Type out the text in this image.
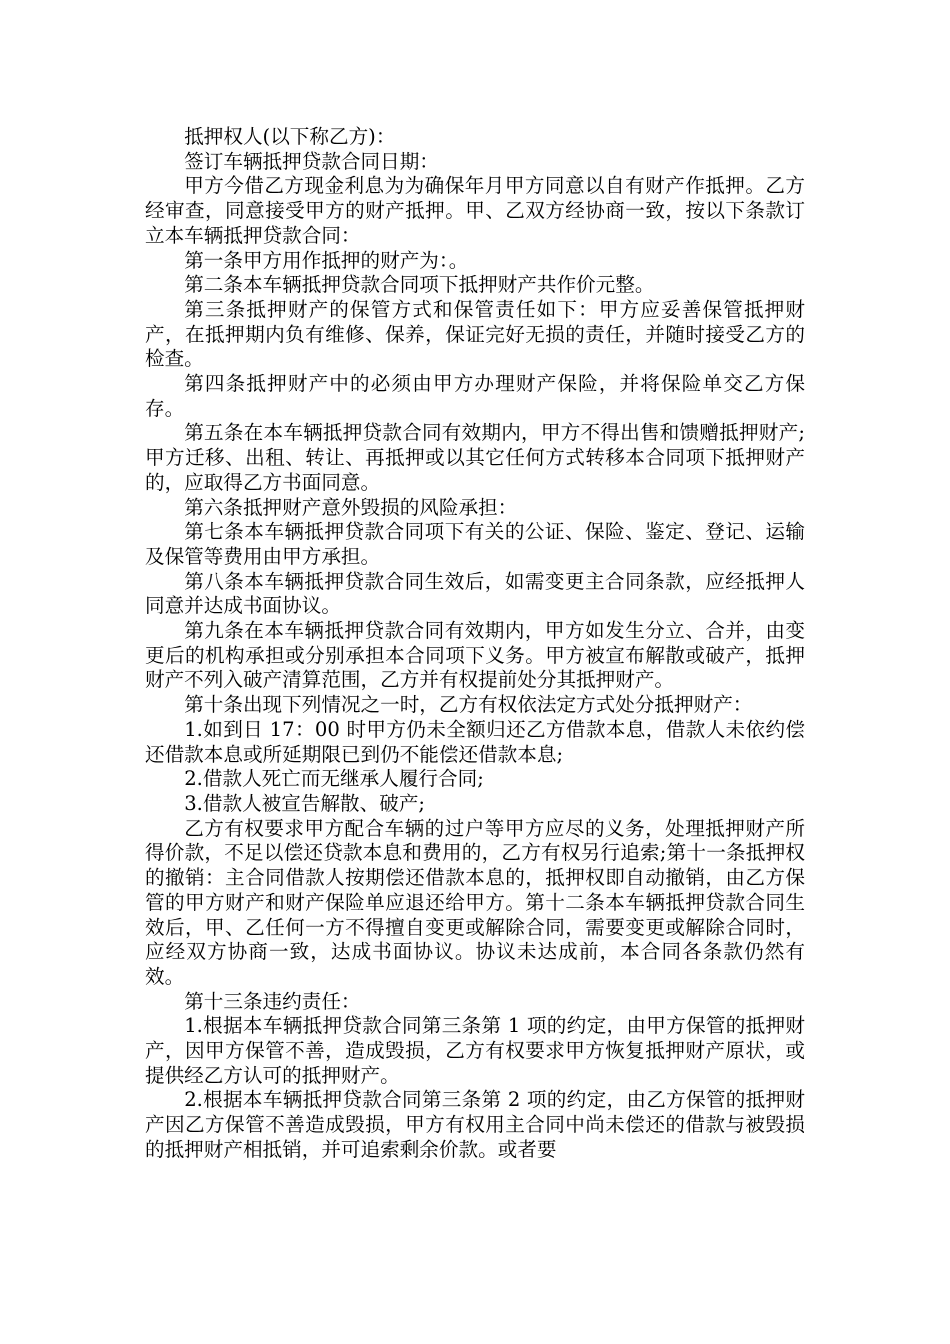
抵押权人(以下称乙方)：

签订车辆抵押贷款合同日期：

甲方今借乙方现金利息为为确保年月甲方同意以自有财产作抵押。乙方经审查，同意接受甲方的财产抵押。甲、乙双方经协商一致，按以下条款订立本车辆抵押贷款合同：

第一条甲方用作抵押的财产为：。

第二条本车辆抵押贷款合同项下抵押财产共作价元整。

第三条抵押财产的保管方式和保管责任如下：甲方应妥善保管抵押财产，在抵押期内负有维修、保养，保证完好无损的责任，并随时接受乙方的检查。

第四条抵押财产中的必须由甲方办理财产保险，并将保险单交乙方保存。

第五条在本车辆抵押贷款合同有效期内，甲方不得出售和馈赠抵押财产;甲方迁移、出租、转让、再抵押或以其它任何方式转移本合同项下抵押财产的，应取得乙方书面同意。

第六条抵押财产意外毁损的风险承担：

第七条本车辆抵押贷款合同项下有关的公证、保险、鉴定、登记、运输及保管等费用由甲方承担。

第八条本车辆抵押贷款合同生效后，如需变更主合同条款，应经抵押人同意并达成书面协议。

第九条在本车辆抵押贷款合同有效期内，甲方如发生分立、合并，由变更后的机构承担或分别承担本合同项下义务。甲方被宣布解散或破产，抵押财产不列入破产清算范围，乙方并有权提前处分其抵押财产。

第十条出现下列情况之一时，乙方有权依法定方式处分抵押财产：

1.如到日 17：00 时甲方仍未全额归还乙方借款本息，借款人未依约偿还借款本息或所延期限已到仍不能偿还借款本息;

2.借款人死亡而无继承人履行合同;

3.借款人被宣告解散、破产;

乙方有权要求甲方配合车辆的过户等甲方应尽的义务，处理抵押财产所得价款，不足以偿还贷款本息和费用的，乙方有权另行追索;第十一条抵押权的撤销：主合同借款人按期偿还借款本息的，抵押权即自动撤销，由乙方保管的甲方财产和财产保险单应退还给甲方。第十二条本车辆抵押贷款合同生效后，甲、乙任何一方不得擅自变更或解除合同，需要变更或解除合同时，应经双方协商一致，达成书面协议。协议未达成前，本合同各条款仍然有效。

第十三条违约责任：

1.根据本车辆抵押贷款合同第三条第 1 项的约定，由甲方保管的抵押财产，因甲方保管不善，造成毁损，乙方有权要求甲方恢复抵押财产原状，或提供经乙方认可的抵押财产。

2.根据本车辆抵押贷款合同第三条第 2 项的约定，由乙方保管的抵押财产因乙方保管不善造成毁损，甲方有权用主合同中尚未偿还的借款与被毁损的抵押财产相抵销，并可追索剩余价款。或者要
